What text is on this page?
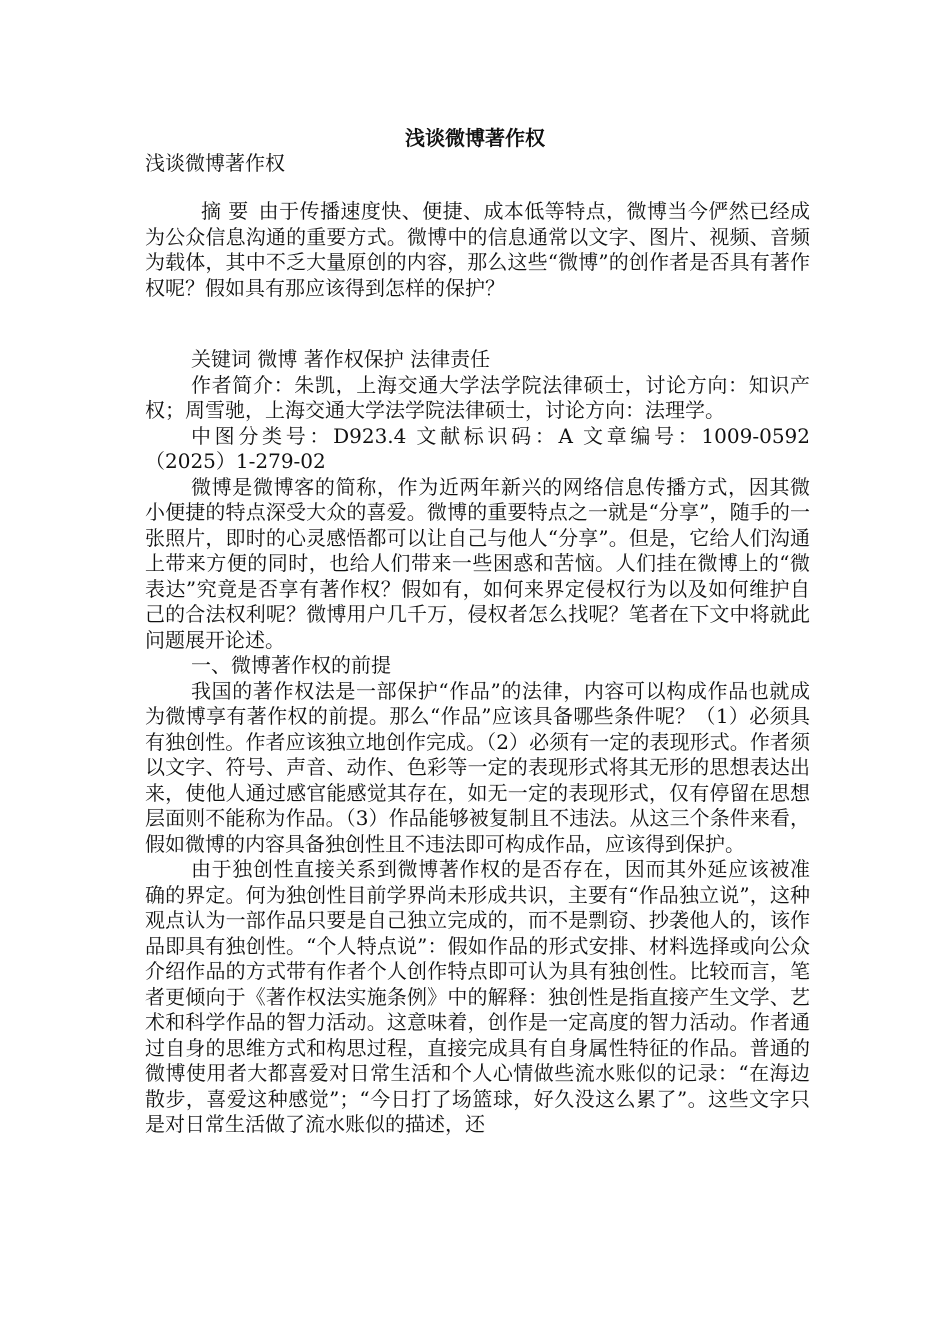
浅谈微博著作权

浅谈微博著作权

摘 要 由于传播速度快、便捷、成本低等特点，微博当今俨然已经成为公众信息沟通的重要方式。微博中的信息通常以文字、图片、视频、音频为载体，其中不乏大量原创的内容，那么这些“微博”的创作者是否具有著作权呢？假如具有那应该得到怎样的保护？

关键词 微博 著作权保护 法律责任

作者简介：朱凯，上海交通大学法学院法律硕士，讨论方向：知识产权；周雪驰，上海交通大学法学院法律硕士，讨论方向：法理学。

中图分类号：D923.4 文献标识码：A 文章编号：1009-0592（2025）1-279-02

微博是微博客的简称，作为近两年新兴的网络信息传播方式，因其微小便捷的特点深受大众的喜爱。微博的重要特点之一就是“分享”，随手的一张照片，即时的心灵感悟都可以让自己与他人“分享”。但是，它给人们沟通上带来方便的同时，也给人们带来一些困惑和苦恼。人们挂在微博上的“微表达”究竟是否享有著作权？假如有，如何来界定侵权行为以及如何维护自己的合法权利呢？微博用户几千万，侵权者怎么找呢？笔者在下文中将就此问题展开论述。

一、微博著作权的前提

我国的著作权法是一部保护“作品”的法律，内容可以构成作品也就成为微博享有著作权的前提。那么“作品”应该具备哪些条件呢？（1）必须具有独创性。作者应该独立地创作完成。（2）必须有一定的表现形式。作者须以文字、符号、声音、动作、色彩等一定的表现形式将其无形的思想表达出来，使他人通过感官能感觉其存在，如无一定的表现形式，仅有停留在思想层面则不能称为作品。（3）作品能够被复制且不违法。从这三个条件来看，假如微博的内容具备独创性且不违法即可构成作品，应该得到保护。

由于独创性直接关系到微博著作权的是否存在，因而其外延应该被准确的界定。何为独创性目前学界尚未形成共识，主要有“作品独立说”，这种观点认为一部作品只要是自己独立完成的，而不是剽窃、抄袭他人的，该作品即具有独创性。“个人特点说”：假如作品的形式安排、材料选择或向公众介绍作品的方式带有作者个人创作特点即可认为具有独创性。比较而言，笔者更倾向于《著作权法实施条例》中的解释：独创性是指直接产生文学、艺术和科学作品的智力活动。这意味着，创作是一定高度的智力活动。作者通过自身的思维方式和构思过程，直接完成具有自身属性特征的作品。普通的微博使用者大都喜爱对日常生活和个人心情做些流水账似的记录：“在海边散步，喜爱这种感觉”；“今日打了场篮球，好久没这么累了”。这些文字只是对日常生活做了流水账似的描述，还
